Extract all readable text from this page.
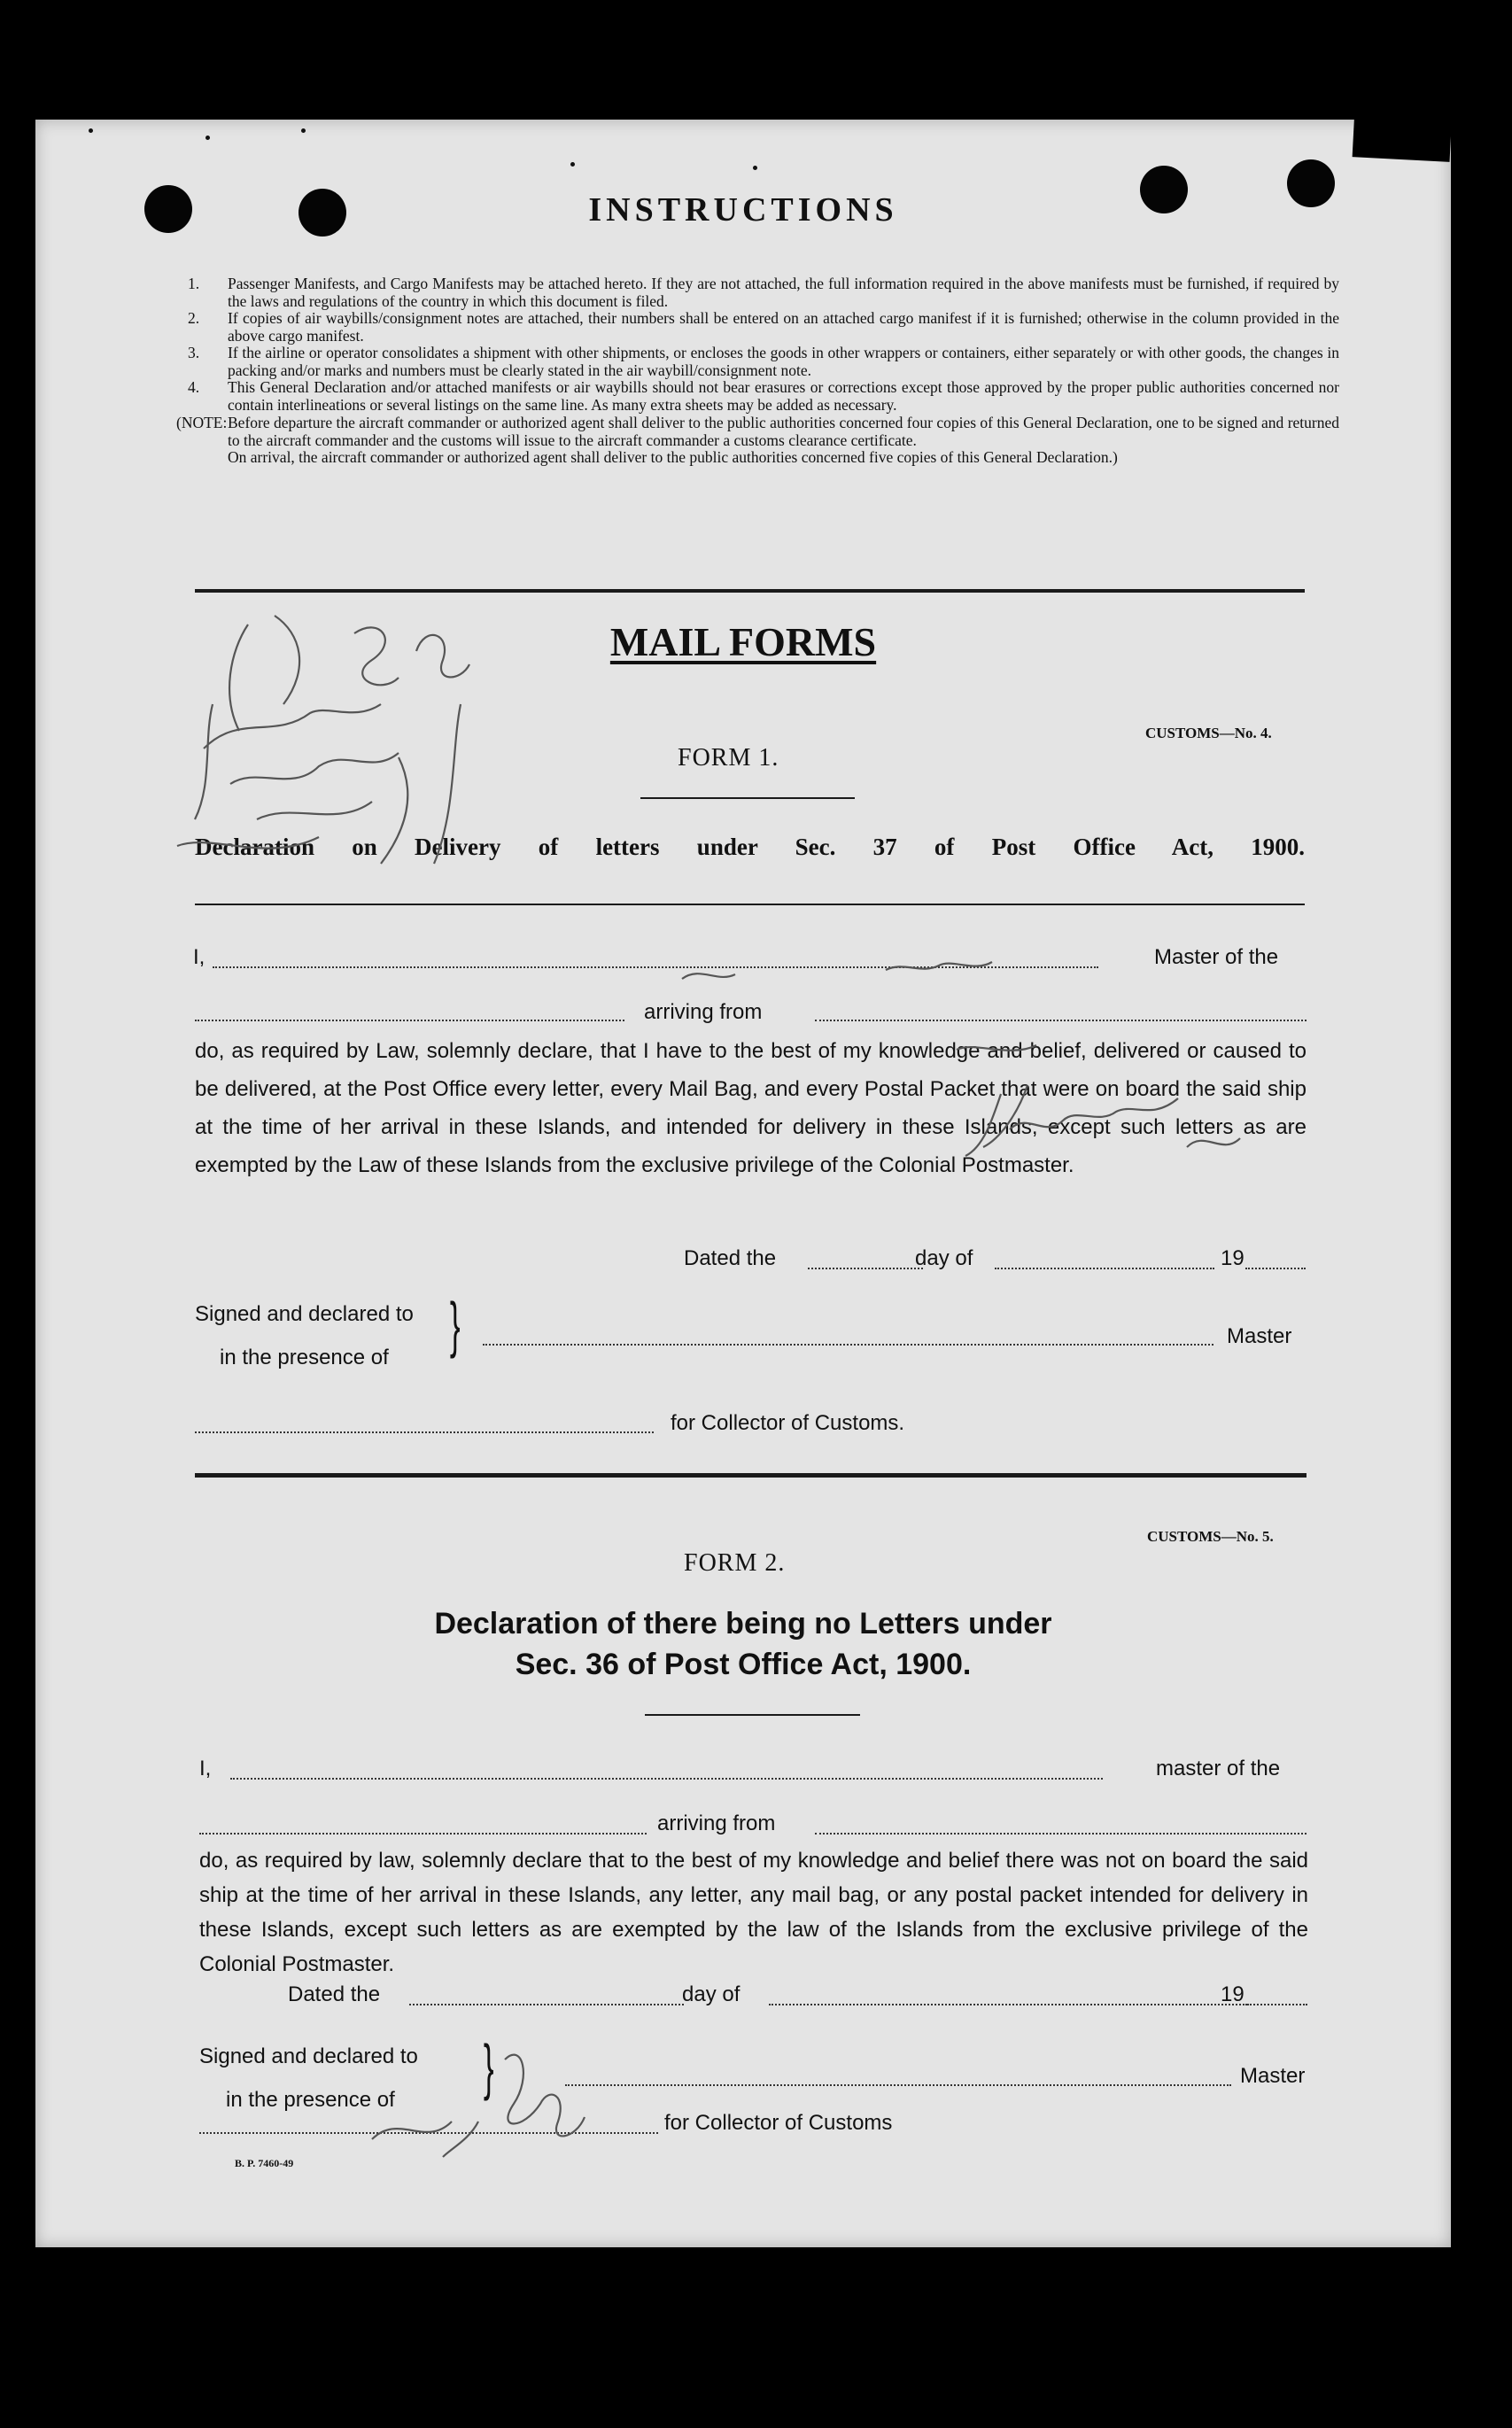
INSTRUCTIONS
1.	Passenger Manifests, and Cargo Manifests may be attached hereto. If they are not attached, the full information required in the above manifests must be furnished, if required by the laws and regulations of the country in which this document is filed.
2.	If copies of air waybills/consignment notes are attached, their numbers shall be entered on an attached cargo manifest if it is furnished; otherwise in the column provided in the above cargo manifest.
3.	If the airline or operator consolidates a shipment with other shipments, or encloses the goods in other wrappers or containers, either separately or with other goods, the changes in packing and/or marks and numbers must be clearly stated in the air waybill/consignment note.
4.	This General Declaration and/or attached manifests or air waybills should not bear erasures or corrections except those approved by the proper public authorities concerned nor contain interlineations or several listings on the same line. As many extra sheets may be added as necessary.
(NOTE: Before departure the aircraft commander or authorized agent shall deliver to the public authorities concerned four copies of this General Declaration, one to be signed and returned to the aircraft commander and the customs will issue to the aircraft commander a customs clearance certificate.
On arrival, the aircraft commander or authorized agent shall deliver to the public authorities concerned five copies of this General Declaration.)
MAIL FORMS
FORM 1.
CUSTOMS—No. 4.
Declaration on Delivery of letters under Sec. 37 of Post Office Act, 1900.
I,	Master of the
arriving from
do, as required by Law, solemnly declare, that I have to the best of my knowledge and belief, delivered or caused to be delivered, at the Post Office every letter, every Mail Bag, and every Postal Packet that were on board the said ship at the time of her arrival in these Islands, and intended for delivery in these Islands, except such letters as are exempted by the Law of these Islands from the exclusive privilege of the Colonial Postmaster.
Dated the	day of	19
Signed and declared to
in the presence of }	Master
for Collector of Customs.
FORM 2.
CUSTOMS—No. 5.
Declaration of there being no Letters under
Sec. 36 of Post Office Act, 1900.
I,	master of the
arriving from
do, as required by law, solemnly declare that to the best of my knowledge and belief there was not on board the said ship at the time of her arrival in these Islands, any letter, any mail bag, or any postal packet intended for delivery in these Islands, except such letters as are exempted by the law of the Islands from the exclusive privilege of the Colonial Postmaster.
Dated the	day of	19
Signed and declared to
in the presence of }	Master
for Collector of Customs
B. P. 7460-49
